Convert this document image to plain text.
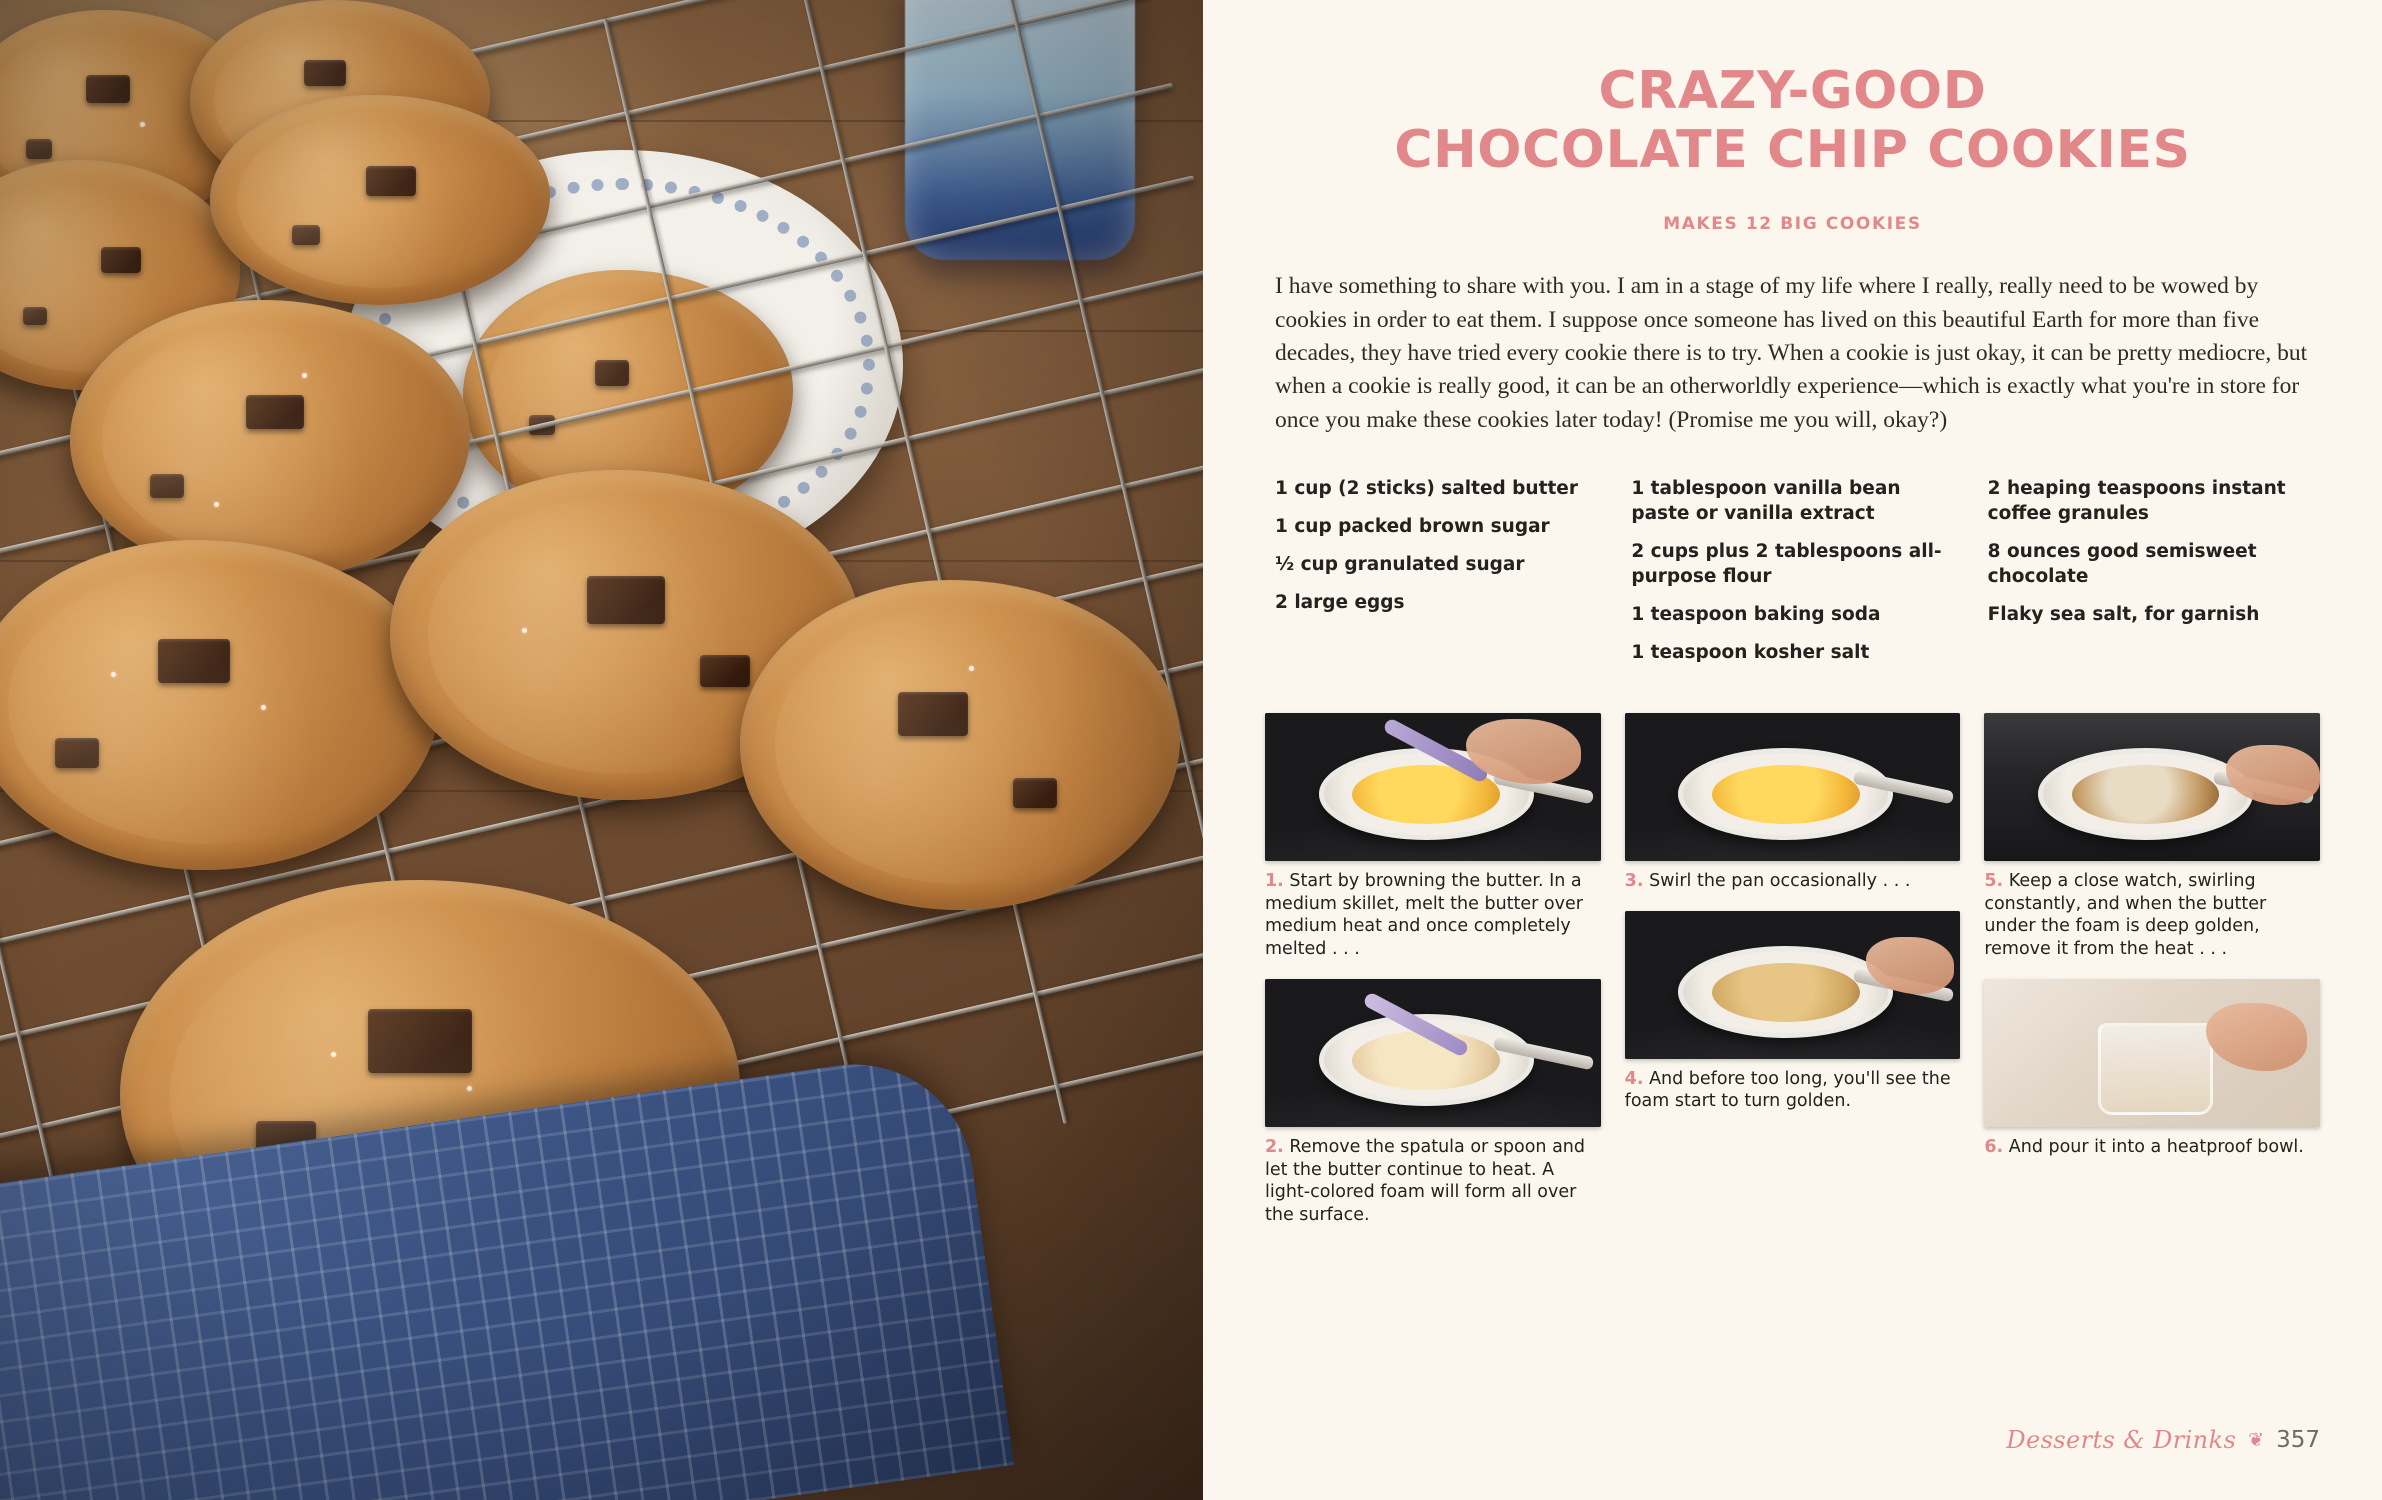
CRAZY-GOOD
CHOCOLATE CHIP COOKIES
MAKES 12 BIG COOKIES

I have something to share with you. I am in a stage of my life where I really, really need to be wowed by cookies in order to eat them. I suppose once someone has lived on this beautiful Earth for more than five decades, they have tried every cookie there is to try. When a cookie is just okay, it can be pretty mediocre, but when a cookie is really good, it can be an otherworldly experience—which is exactly what you're in store for once you make these cookies later today! (Promise me you will, okay?)

1 cup (2 sticks) salted butter
1 cup packed brown sugar
½ cup granulated sugar
2 large eggs
1 tablespoon vanilla bean paste or vanilla extract
2 cups plus 2 tablespoons all-purpose flour
1 teaspoon baking soda
1 teaspoon kosher salt
2 heaping teaspoons instant coffee granules
8 ounces good semisweet chocolate
Flaky sea salt, for garnish
1. Start by browning the butter. In a medium skillet, melt the butter over medium heat and once completely melted . . .
2. Remove the spatula or spoon and let the butter continue to heat. A light-colored foam will form all over the surface.
3. Swirl the pan occasionally . . .
4. And before too long, you'll see the foam start to turn golden.
5. Keep a close watch, swirling constantly, and when the butter under the foam is deep golden, remove it from the heat . . .
6. And pour it into a heatproof bowl.
Desserts & Drinks ❦ 357
